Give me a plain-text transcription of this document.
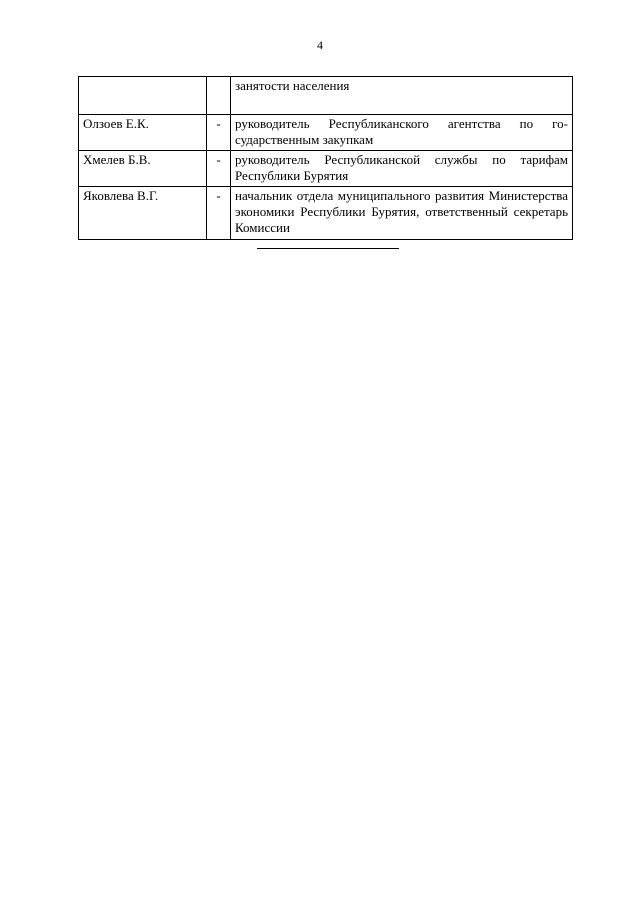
4
		занятости населения
Олзоев Е.К.	-	руководитель Республиканского агентства по го-сударственным закупкам
Хмелев Б.В.	-	руководитель Республиканской службы по тарифам Республики Бурятия
Яковлева В.Г.	-	начальник отдела муниципального развития Министерства экономики Республики Бурятия, ответственный секретарь Комиссии
